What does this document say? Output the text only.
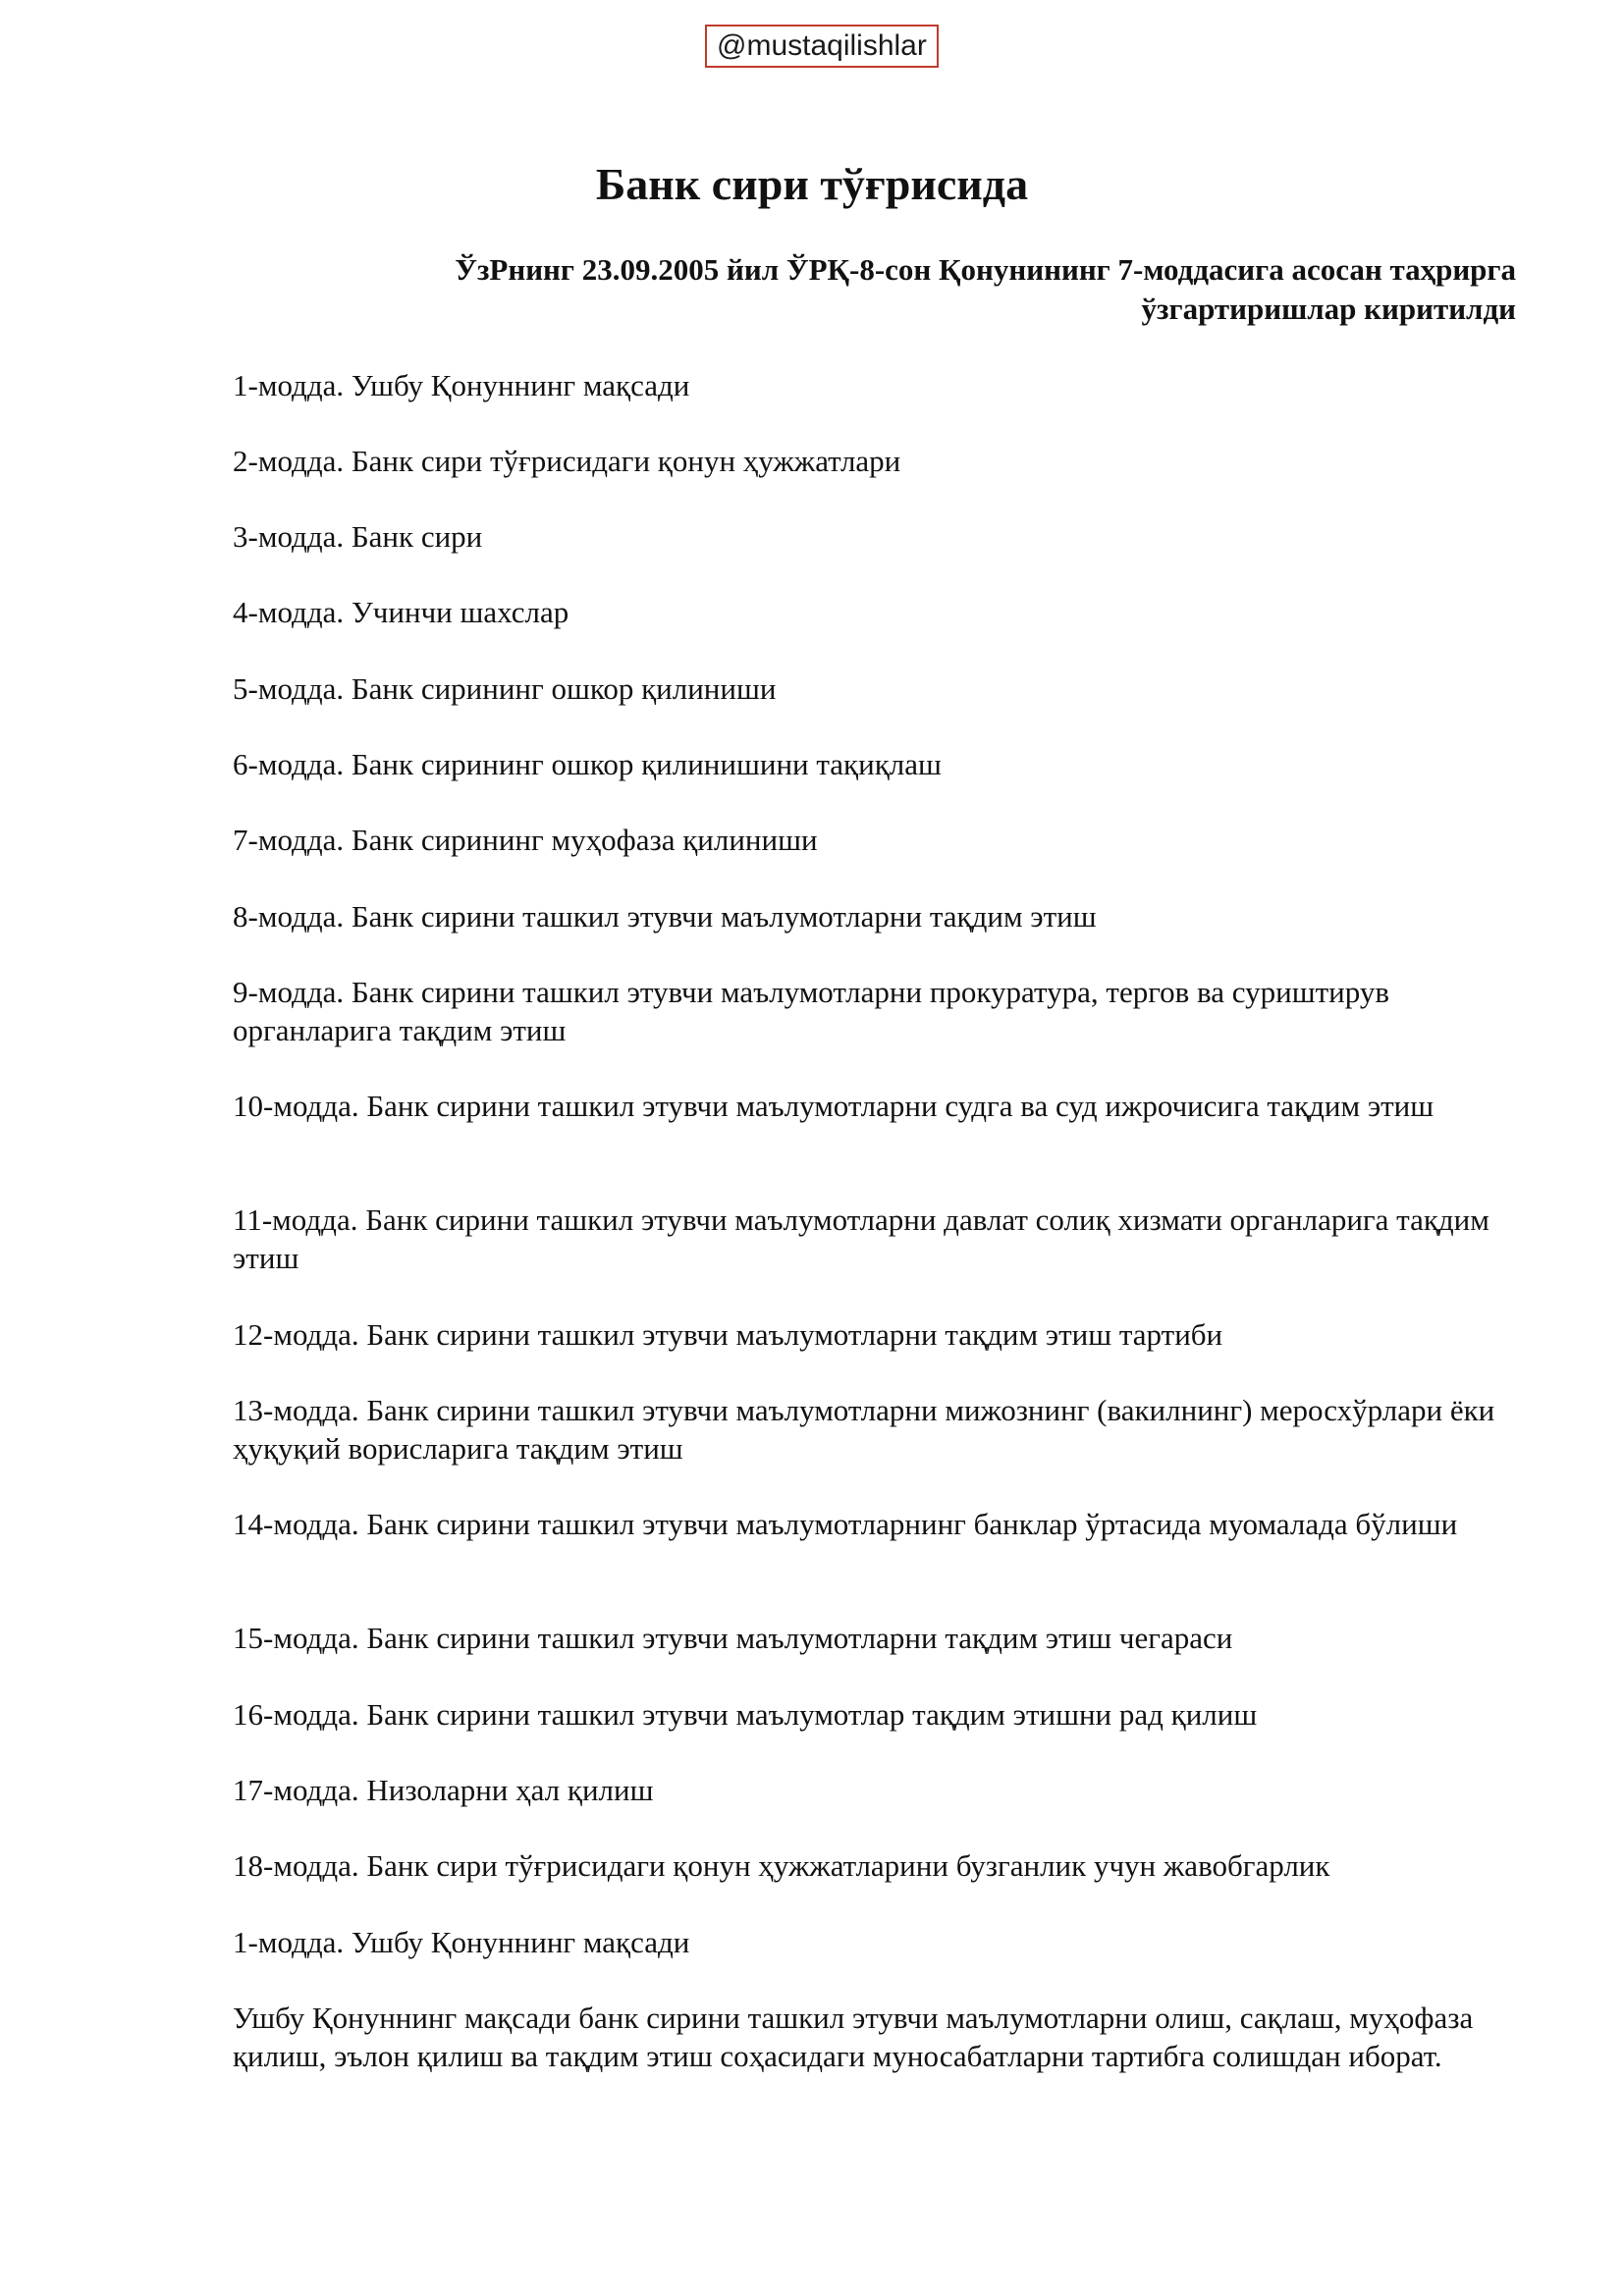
@mustaqilishlar
Банк сири тўғрисида
ЎзРнинг 23.09.2005 йил ЎРҚ-8-сон Қонунининг 7-моддасига асосан таҳрирга
ўзгартиришлар киритилди

1-модда. Ушбу Қонуннинг мақсади

2-модда. Банк сири тўғрисидаги қонун ҳужжатлари

3-модда. Банк сири

4-модда. Учинчи шахслар

5-модда. Банк сирининг ошкор қилиниши

6-модда. Банк сирининг ошкор қилинишини тақиқлаш

7-модда. Банк сирининг муҳофаза қилиниши

8-модда. Банк сирини ташкил этувчи маълумотларни тақдим этиш

9-модда. Банк сирини ташкил этувчи маълумотларни прокуратура, тергов ва суриштирув органларига тақдим этиш

10-модда. Банк сирини ташкил этувчи маълумотларни судга ва суд ижрочисига тақдим этиш

11-модда. Банк сирини ташкил этувчи маълумотларни давлат солиқ хизмати органларига тақдим этиш

12-модда. Банк сирини ташкил этувчи маълумотларни тақдим этиш тартиби

13-модда. Банк сирини ташкил этувчи маълумотларни мижознинг (вакилнинг) меросхўрлари ёки ҳуқуқий ворисларига тақдим этиш

14-модда. Банк сирини ташкил этувчи маълумотларнинг банклар ўртасида муомалада бўлиши

15-модда. Банк сирини ташкил этувчи маълумотларни тақдим этиш чегараси

16-модда. Банк сирини ташкил этувчи маълумотлар тақдим этишни рад қилиш

17-модда. Низоларни ҳал қилиш

18-модда. Банк сири тўғрисидаги қонун ҳужжатларини бузганлик учун жавобгарлик

1-модда. Ушбу Қонуннинг мақсади

Ушбу Қонуннинг мақсади банк сирини ташкил этувчи маълумотларни олиш, сақлаш, муҳофаза қилиш, эълон қилиш ва тақдим этиш соҳасидаги муносабатларни тартибга солишдан иборат.
